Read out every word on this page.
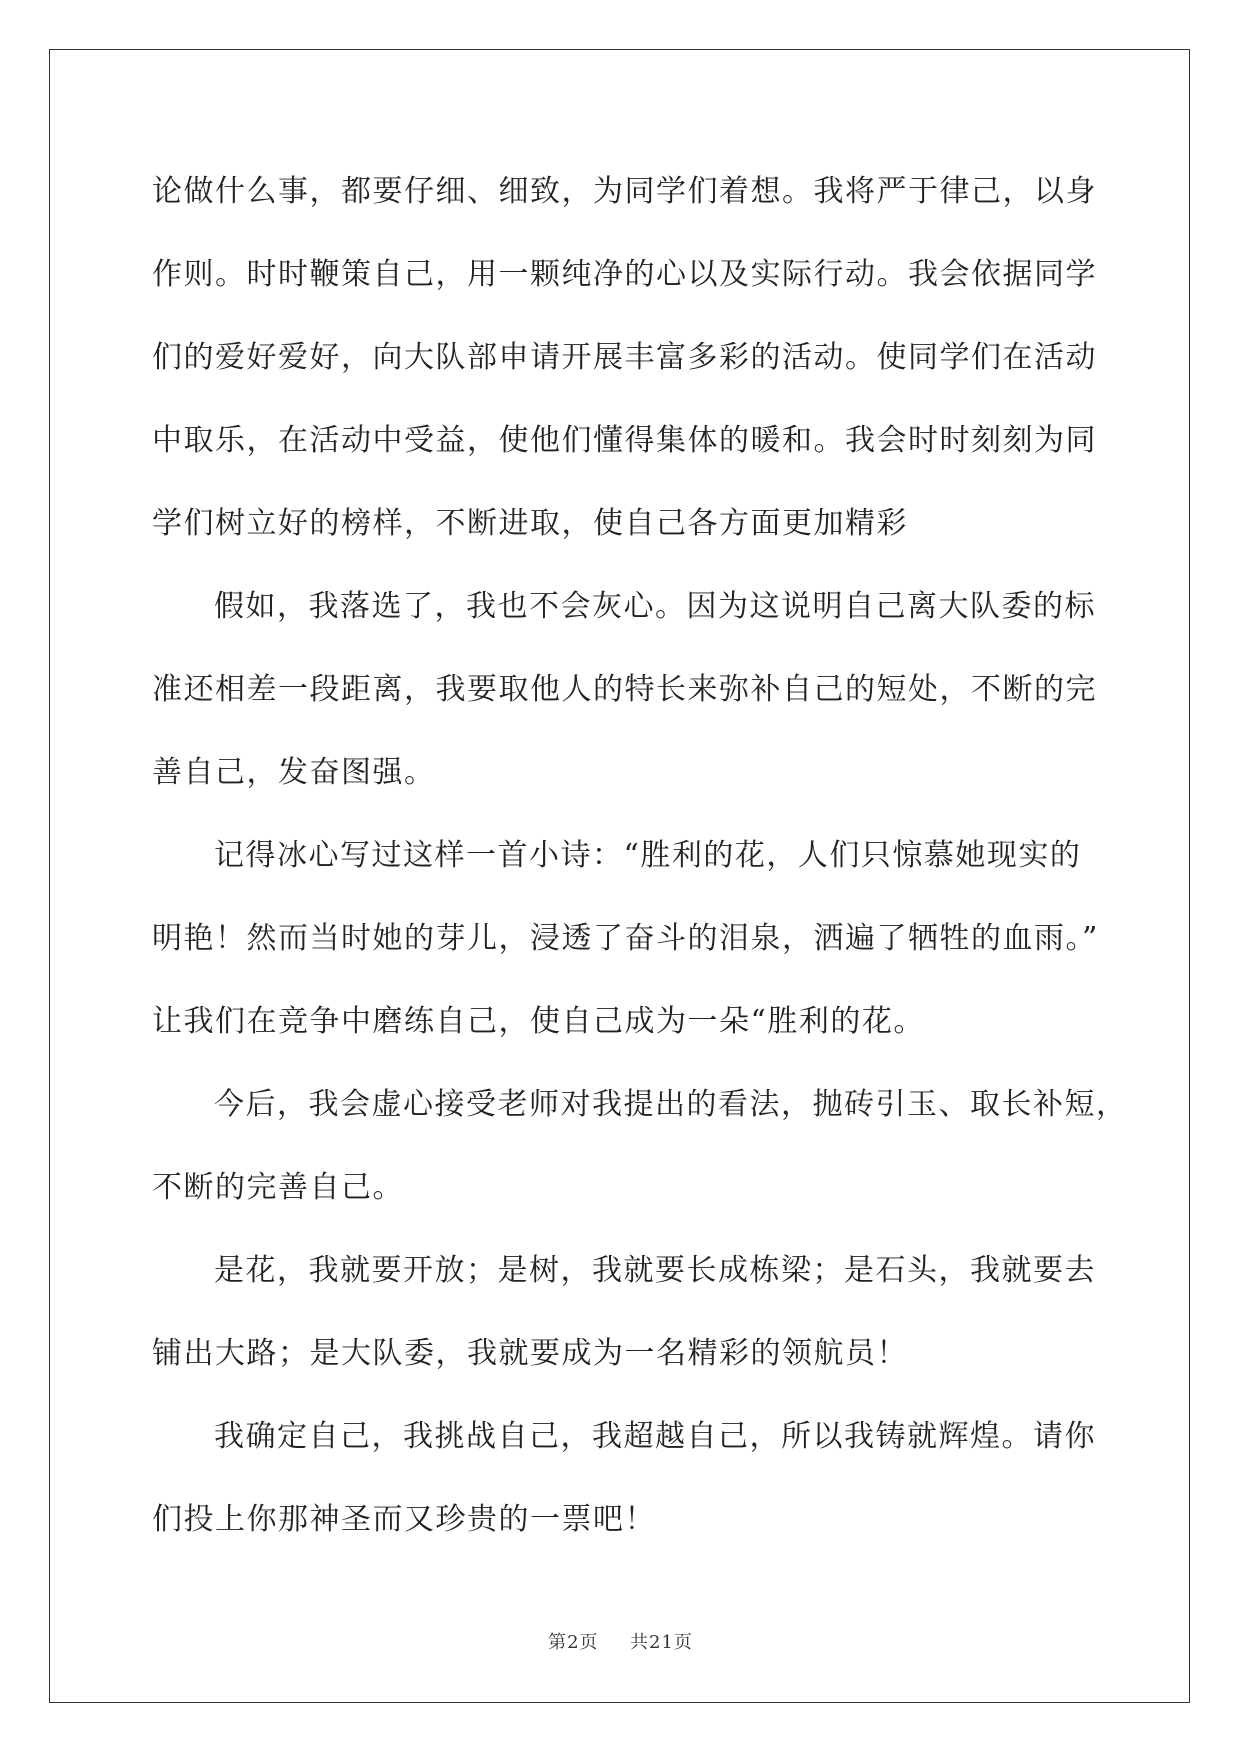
论做什么事，都要仔细、细致，为同学们着想。我将严于律己，以身
作则。时时鞭策自己，用一颗纯净的心以及实际行动。我会依据同学
们的爱好爱好，向大队部申请开展丰富多彩的活动。使同学们在活动
中取乐，在活动中受益，使他们懂得集体的暖和。我会时时刻刻为同
学们树立好的榜样，不断进取，使自己各方面更加精彩

假如，我落选了，我也不会灰心。因为这说明自己离大队委的标
准还相差一段距离，我要取他人的特长来弥补自己的短处，不断的完
善自己，发奋图强。

记得冰心写过这样一首小诗：“胜利的花，人们只惊慕她现实的
明艳！然而当时她的芽儿，浸透了奋斗的泪泉，洒遍了牺牲的血雨。”
让我们在竞争中磨练自己，使自己成为一朵“胜利的花。

今后，我会虚心接受老师对我提出的看法，抛砖引玉、取长补短，
不断的完善自己。

是花，我就要开放；是树，我就要长成栋梁；是石头，我就要去
铺出大路；是大队委，我就要成为一名精彩的领航员！

我确定自己，我挑战自己，我超越自己，所以我铸就辉煌。请你
们投上你那神圣而又珍贵的一票吧！

第2页 共21页
